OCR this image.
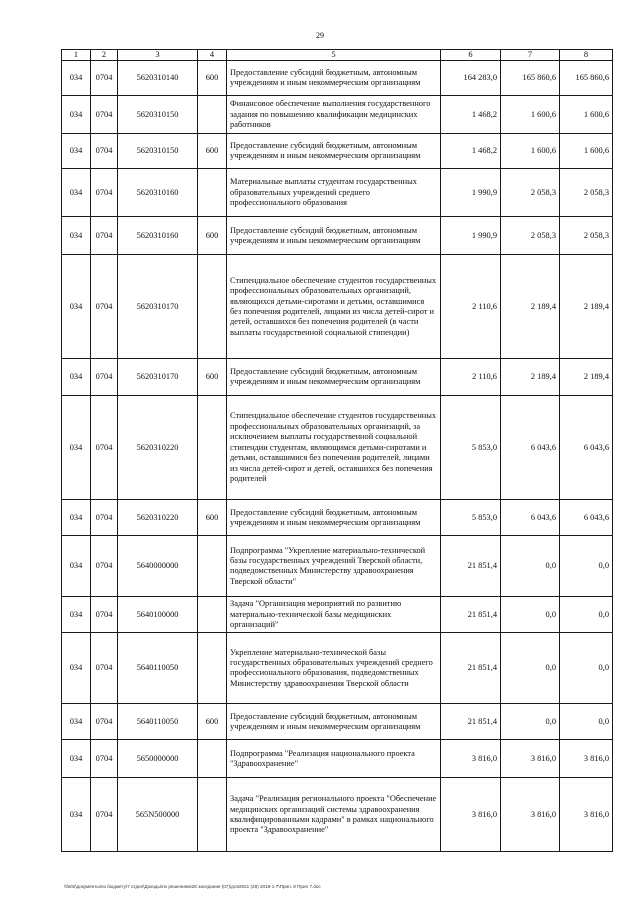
29
1	2	3	4	5	6	7	8
034	0704	5620310140	600	Предоставление субсидий бюджетным, автономным учреждениям и иным некоммерческим организациям	164 283,0	165 860,6	165 860,6
034	0704	5620310150		Финансовое обеспечение выполнения государственного задания по повышению квалификации медицинских работников	1 468,2	1 600,6	1 600,6
034	0704	5620310150	600	Предоставление субсидий бюджетным, автономным учреждениям и иным некоммерческим организациям	1 468,2	1 600,6	1 600,6
034	0704	5620310160		Материальные выплаты студентам государственных образовательных учреждений среднего профессионального образования	1 990,9	2 058,3	2 058,3
034	0704	5620310160	600	Предоставление субсидий бюджетным, автономным учреждениям и иным некоммерческим организациям	1 990,9	2 058,3	2 058,3
034	0704	5620310170		Стипендиальное обеспечение студентов государственных профессиональных образовательных организаций, являющихся детьми-сиротами и детьми, оставшимися без попечения родителей, лицами из числа детей-сирот и детей, оставшихся без попечения родителей (в части выплаты государственной социальной стипендии)	2 110,6	2 189,4	2 189,4
034	0704	5620310170	600	Предоставление субсидий бюджетным, автономным учреждениям и иным некоммерческим организациям	2 110,6	2 189,4	2 189,4
034	0704	5620310220		Стипендиальное обеспечение студентов государственных профессиональных образовательных организаций, за исключением выплаты государственной социальной стипендии студентам, являющимся детьми-сиротами и детьми, оставшимися без попечения родителей, лицами из числа детей-сирот и детей, оставшихся без попечения родителей	5 853,0	6 043,6	6 043,6
034	0704	5620310220	600	Предоставление субсидий бюджетным, автономным учреждениям и иным некоммерческим организациям	5 853,0	6 043,6	6 043,6
034	0704	5640000000		Подпрограмма "Укрепление материально-технической базы государственных учреждений Тверской области, подведомственных Министерству здравоохранения Тверской области"	21 851,4	0,0	0,0
034	0704	5640100000		Задача "Организация мероприятий по развитию материально-технической базы медицинских организаций"	21 851,4	0,0	0,0
034	0704	5640110050		Укрепление материально-технической базы государственных образовательных учреждений среднего профессионального образования, подведомственных Министерству здравоохранения Тверской области	21 851,4	0,0	0,0
034	0704	5640110050	600	Предоставление субсидий бюджетным, автономным учреждениям и иным некоммерческим организациям	21 851,4	0,0	0,0
034	0704	5650000000		Подпрограмма "Реализация национального проекта "Здравоохранение"	3 816,0	3 816,0	3 816,0
034	0704	565N500000		Задача "Реализация регионального проекта "Обеспечение медицинских организаций системы здравоохранения квалифицированными кадрами" в рамках национального проекта "Здравоохранение"	3 816,0	3 816,0	3 816,0
\\fs02\документы\по бюджету\7 отдел\Доходы\по решениям\28 заседание (07)\для2021 (28) 2018-1-7\Прил. 8 Прил 7.doc
